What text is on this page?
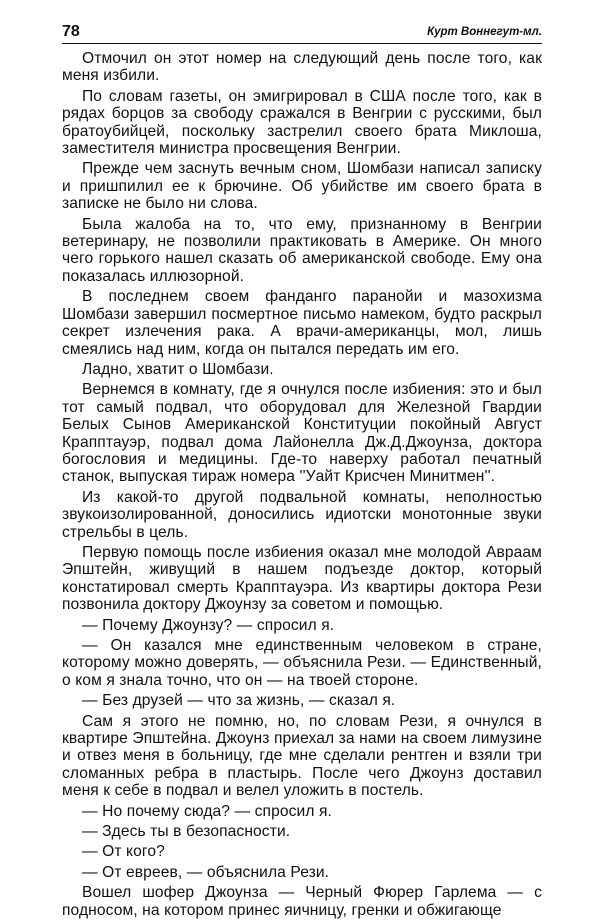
78	Курт Воннегут-мл.

Отмочил он этот номер на следующий день после того, как меня избили.

По словам газеты, он эмигрировал в США после того, как в рядах борцов за свободу сражался в Венгрии с русскими, был братоубийцей, поскольку застрелил своего брата Миклоша, заместителя министра просвещения Венгрии.

Прежде чем заснуть вечным сном, Шомбази написал записку и пришпилил ее к брючине. Об убийстве им своего брата в записке не было ни слова.

Была жалоба на то, что ему, признанному в Венгрии ветеринару, не позволили практиковать в Америке. Он много чего горького нашел сказать об американской свободе. Ему она показалась иллюзорной.

В последнем своем фанданго паранойи и мазохизма Шомбази завершил посмертное письмо намеком, будто раскрыл секрет излечения рака. А врачи-американцы, мол, лишь смеялись над ним, когда он пытался передать им его.

Ладно, хватит о Шомбази.

Вернемся в комнату, где я очнулся после избиения: это и был тот самый подвал, что оборудовал для Железной Гвардии Белых Сынов Американской Конституции покойный Август Крапптауэр, подвал дома Лайонелла Дж.Д.Джоунза, доктора богословия и медицины. Где-то наверху работал печатный станок, выпуская тираж номера ''Уайт Крисчен Минитмен''.

Из какой-то другой подвальной комнаты, неполностью звукоизолированной, доносились идиотски монотонные звуки стрельбы в цель.

Первую помощь после избиения оказал мне молодой Авраам Эпштейн, живущий в нашем подъезде доктор, который констатировал смерть Крапптауэра. Из квартиры доктора Рези позвонила доктору Джоунзу за советом и помощью.

— Почему Джоунзу? — спросил я.

— Он казался мне единственным человеком в стране, которому можно доверять, — объяснила Рези. — Единственный, о ком я знала точно, что он — на твоей стороне.

— Без друзей — что за жизнь, — сказал я.

Сам я этого не помню, но, по словам Рези, я очнулся в квартире Эпштейна. Джоунз приехал за нами на своем лимузине и отвез меня в больницу, где мне сделали рентген и взяли три сломанных ребра в пластырь. После чего Джоунз доставил меня к себе в подвал и велел уложить в постель.

— Но почему сюда? — спросил я.

— Здесь ты в безопасности.

— От кого?

— От евреев, — объяснила Рези.

Вошел шофер Джоунза — Черный Фюрер Гарлема — с подносом, на котором принес яичницу, гренки и обжигающе
